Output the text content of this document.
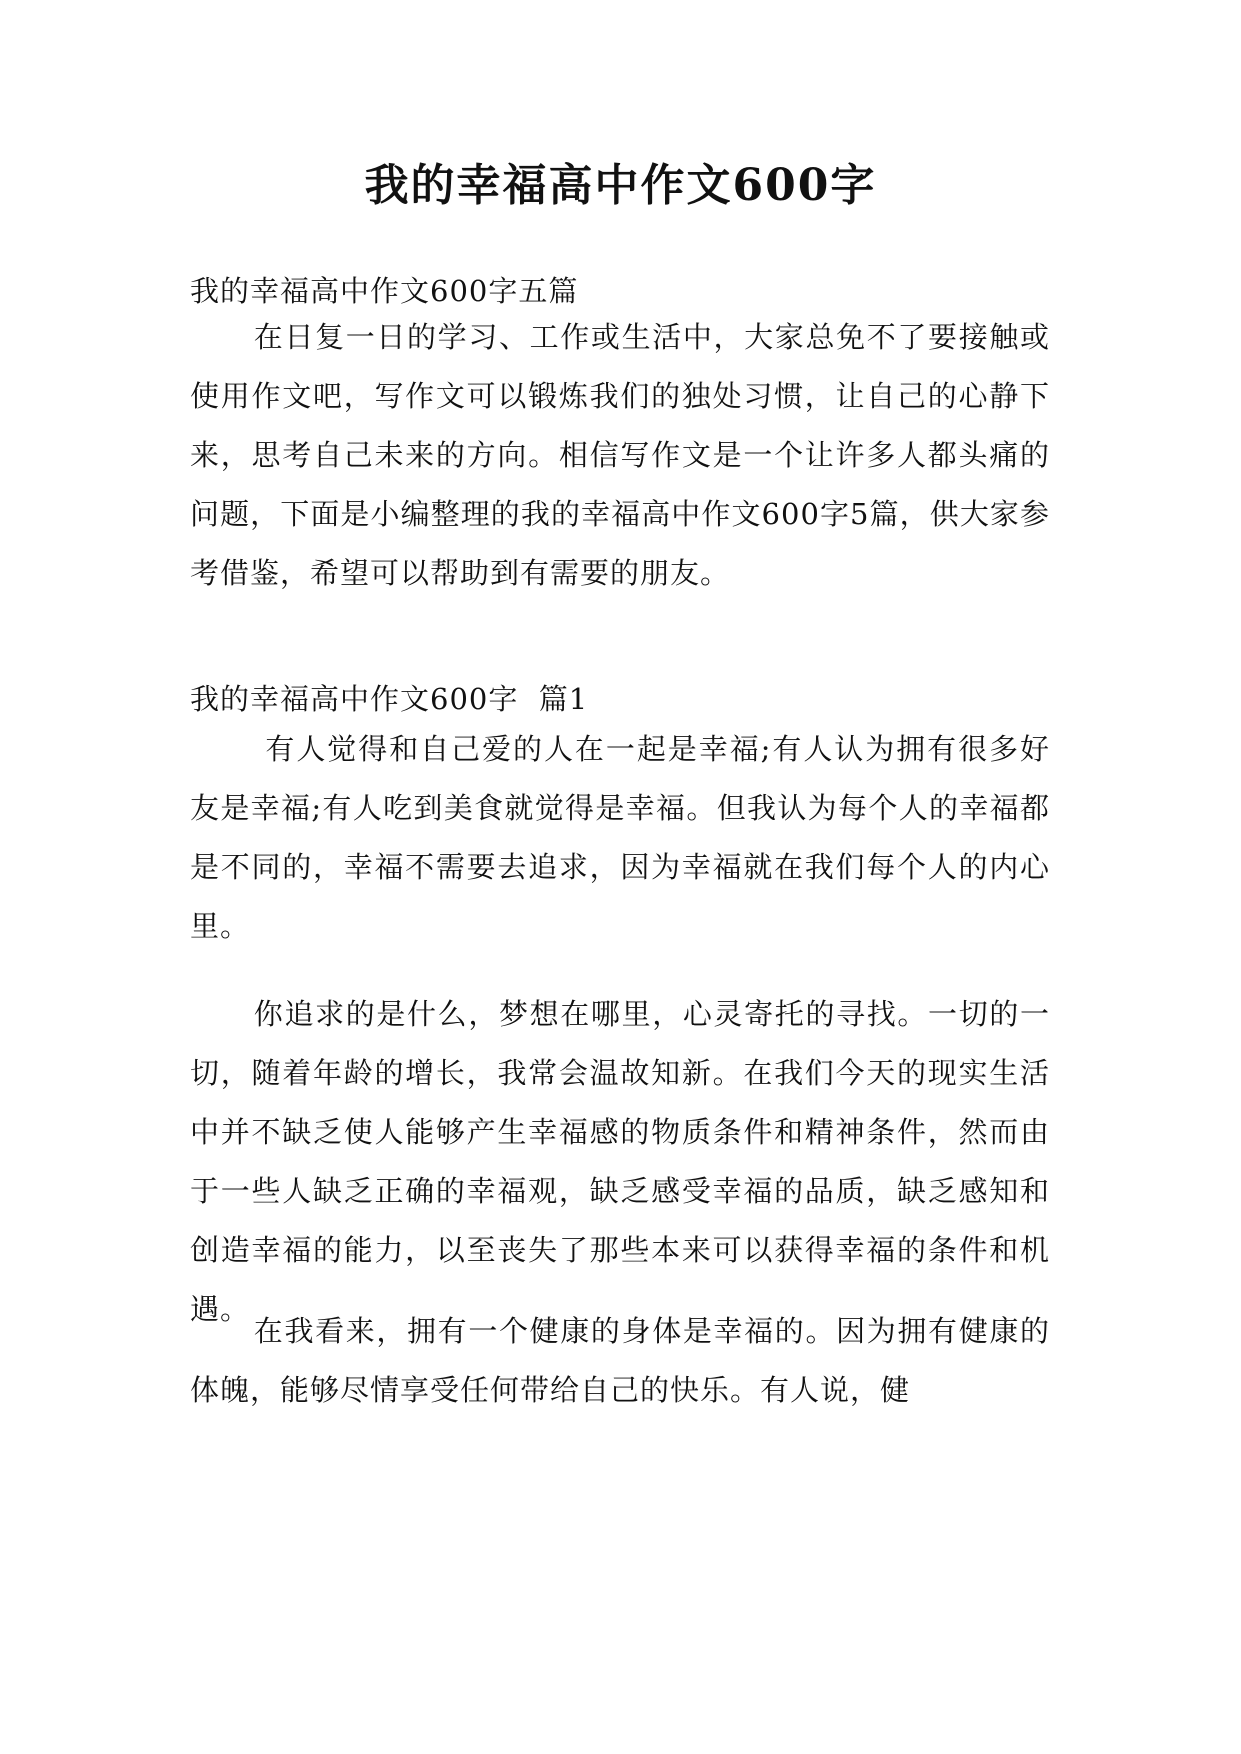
我的幸福高中作文600字
我的幸福高中作文600字五篇

在日复一日的学习、工作或生活中，大家总免不了要接触或使用作文吧，写作文可以锻炼我们的独处习惯，让自己的心静下来，思考自己未来的方向。相信写作文是一个让许多人都头痛的问题，下面是小编整理的我的幸福高中作文600字5篇，供大家参考借鉴，希望可以帮助到有需要的朋友。

我的幸福高中作文600字  篇1

有人觉得和自己爱的人在一起是幸福;有人认为拥有很多好友是幸福;有人吃到美食就觉得是幸福。但我认为每个人的幸福都是不同的，幸福不需要去追求，因为幸福就在我们每个人的内心里。

你追求的是什么，梦想在哪里，心灵寄托的寻找。一切的一切，随着年龄的增长，我常会温故知新。在我们今天的现实生活中并不缺乏使人能够产生幸福感的物质条件和精神条件，然而由于一些人缺乏正确的幸福观，缺乏感受幸福的品质，缺乏感知和创造幸福的能力，以至丧失了那些本来可以获得幸福的条件和机遇。

在我看来，拥有一个健康的身体是幸福的。因为拥有健康的体魄，能够尽情享受任何带给自己的快乐。有人说，健
